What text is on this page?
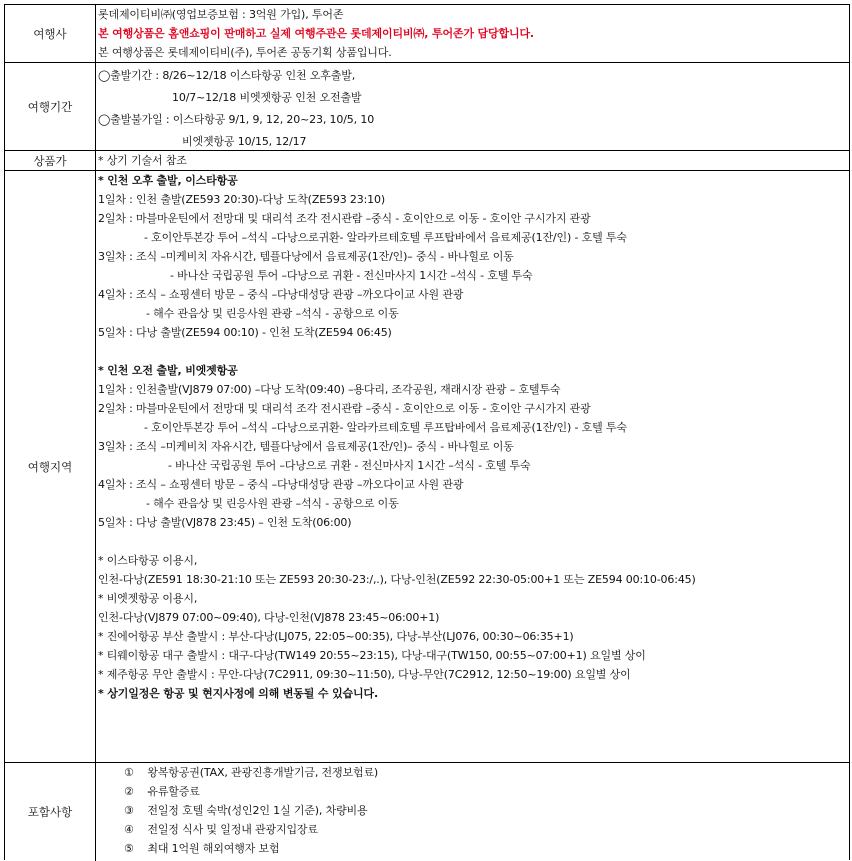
여행사
롯데제이티비㈜(영업보증보험 : 3억원 가입), 투어존
본 여행상품은 홈앤쇼핑이 판매하고 실제 여행주관은 롯데제이티비㈜, 투어존가 담당합니다.
본 여행상품은 롯데제이티비(주), 투어존 공동기획 상품입니다.
여행기간
◯출발기간 : 8/26~12/18 이스타항공 인천 오후출발,
10/7~12/18 비엣젯항공 인천 오전출발
◯출발불가일 : 이스타항공 9/1, 9, 12, 20~23, 10/5, 10
비엣젯항공 10/15, 12/17
상품가	* 상기 기술서 참조
여행지역
* 인천 오후 출발, 이스타항공
1일차 : 인천 출발(ZE593 20:30)-다낭 도착(ZE593 23:10)
2일차 : 마블마운틴에서 전망대 및 대리석 조각 전시관람 –중식 - 호이안으로 이동 - 호이안 구시가지 관광
- 호이안투본강 투어 –석식 –다낭으로귀환- 알라카르테호텔 루프탑바에서 음료제공(1잔/인) - 호텔 투숙
3일차 : 조식 –미케비치 자유시간, 템플다낭에서 음료제공(1잔/인)– 중식 - 바나힐로 이동
- 바나산 국립공원 투어 –다낭으로 귀환 - 전신마사지 1시간 –석식 - 호텔 투숙
4일차 : 조식 – 쇼핑센터 방문 – 중식 –다낭대성당 관광 –까오다이교 사원 관광
- 해수 관음상 및 린응사원 관광 –석식 - 공항으로 이동
5일차 : 다낭 출발(ZE594 00:10) - 인천 도착(ZE594 06:45)
* 인천 오전 출발, 비엣젯항공
1일차 : 인천출발(VJ879 07:00) –다낭 도착(09:40) –용다리, 조각공원, 재래시장 관광 – 호텔투숙
2일차 : 마블마운틴에서 전망대 및 대리석 조각 전시관람 –중식 - 호이안으로 이동 - 호이안 구시가지 관광
- 호이안투본강 투어 –석식 –다낭으로귀환- 알라카르테호텔 루프탑바에서 음료제공(1잔/인) - 호텔 투숙
3일차 : 조식 –미케비치 자유시간, 템플다낭에서 음료제공(1잔/인)– 중식 - 바나힐로 이동
- 바나산 국립공원 투어 –다낭으로 귀환 - 전신마사지 1시간 –석식 - 호텔 투숙
4일차 : 조식 – 쇼핑센터 방문 – 중식 –다낭대성당 관광 –까오다이교 사원 관광
- 해수 관음상 및 린응사원 관광 –석식 - 공항으로 이동
5일차 : 다낭 출발(VJ878 23:45) – 인천 도착(06:00)
* 이스타항공 이용시,
인천-다낭(ZE591 18:30-21:10 또는 ZE593 20:30-23:/,.), 다낭-인천(ZE592 22:30-05:00+1 또는 ZE594 00:10-06:45)
* 비엣젯항공 이용시,
인천-다낭(VJ879 07:00~09:40), 다낭-인천(VJ878 23:45~06:00+1)
* 진에어항공 부산 출발시 : 부산-다낭(LJ075, 22:05~00:35), 다낭-부산(LJ076, 00:30~06:35+1)
* 티웨이항공 대구 출발시 : 대구-다낭(TW149 20:55~23:15), 다낭-대구(TW150, 00:55~07:00+1) 요일별 상이
* 제주항공 무안 출발시 : 무안-다낭(7C2911, 09:30~11:50), 다낭-무안(7C2912, 12:50~19:00) 요일별 상이
* 상기일정은 항공 및 현지사정에 의해 변동될 수 있습니다.
포함사항
① 왕복항공권(TAX, 관광진흥개발기금, 전쟁보험료)
② 유류할증료
③ 전일정 호텔 숙박(성인2인 1실 기준), 차량비용
④ 전일정 식사 및 일정내 관광지입장료
⑤ 최대 1억원 해외여행자 보험
